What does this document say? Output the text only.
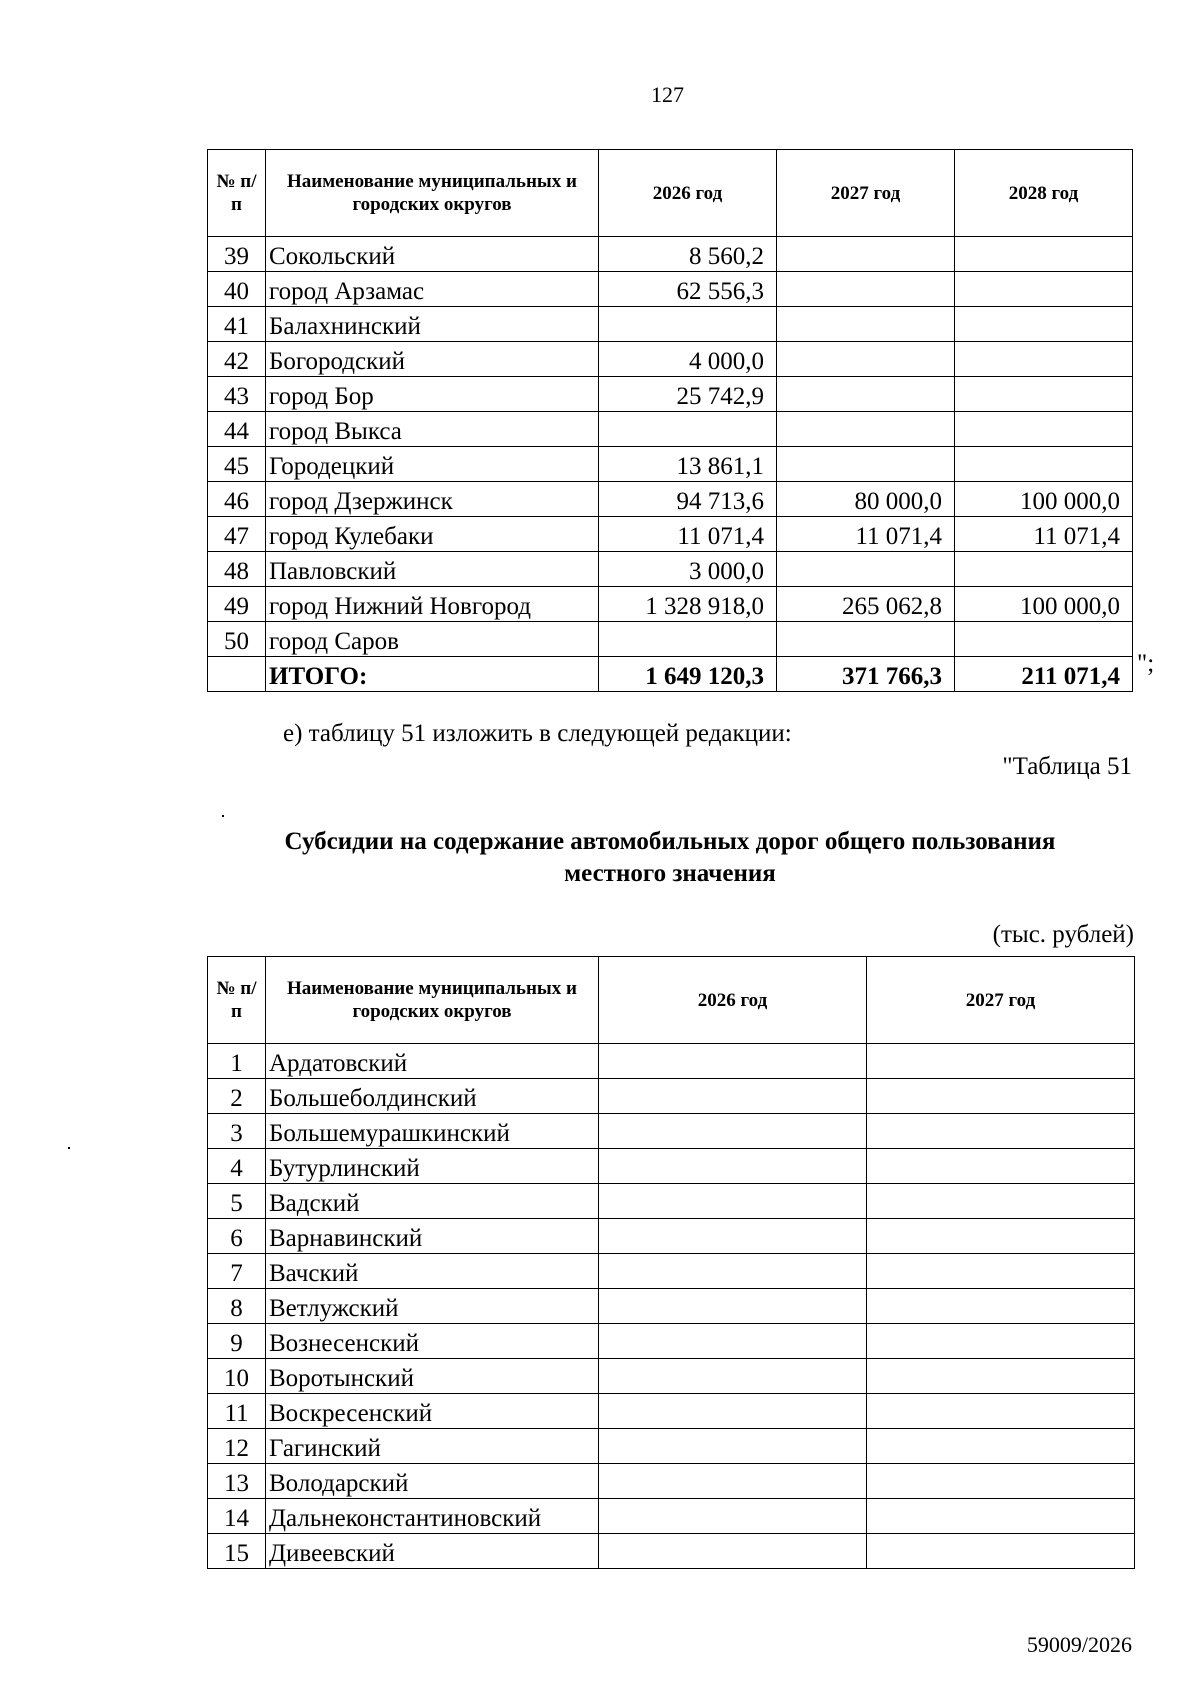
127
№ п/п	Наименование муниципальных и городских округов	2026 год	2027 год	2028 год
39	Сокольский	8 560,2		
40	город Арзамас	62 556,3		
41	Балахнинский			
42	Богородский	4 000,0		
43	город Бор	25 742,9		
44	город Выкса			
45	Городецкий	13 861,1		
46	город Дзержинск	94 713,6	80 000,0	100 000,0
47	город Кулебаки	11 071,4	11 071,4	11 071,4
48	Павловский	3 000,0		
49	город Нижний Новгород	1 328 918,0	265 062,8	100 000,0
50	город Саров			
	ИТОГО:	1 649 120,3	371 766,3	211 071,4 ";
е) таблицу 51 изложить в следующей редакции:
"Таблица 51
Субсидии на содержание автомобильных дорог общего пользования
местного значения
(тыс. рублей)
№ п/п	Наименование муниципальных и городских округов	2026 год	2027 год
1	Ардатовский		
2	Большеболдинский		
3	Большемурашкинский		
4	Бутурлинский		
5	Вадский		
6	Варнавинский		
7	Вачский		
8	Ветлужский		
9	Вознесенский		
10	Воротынский		
11	Воскресенский		
12	Гагинский		
13	Володарский		
14	Дальнеконстантиновский		
15	Дивеевский		
59009/2026
